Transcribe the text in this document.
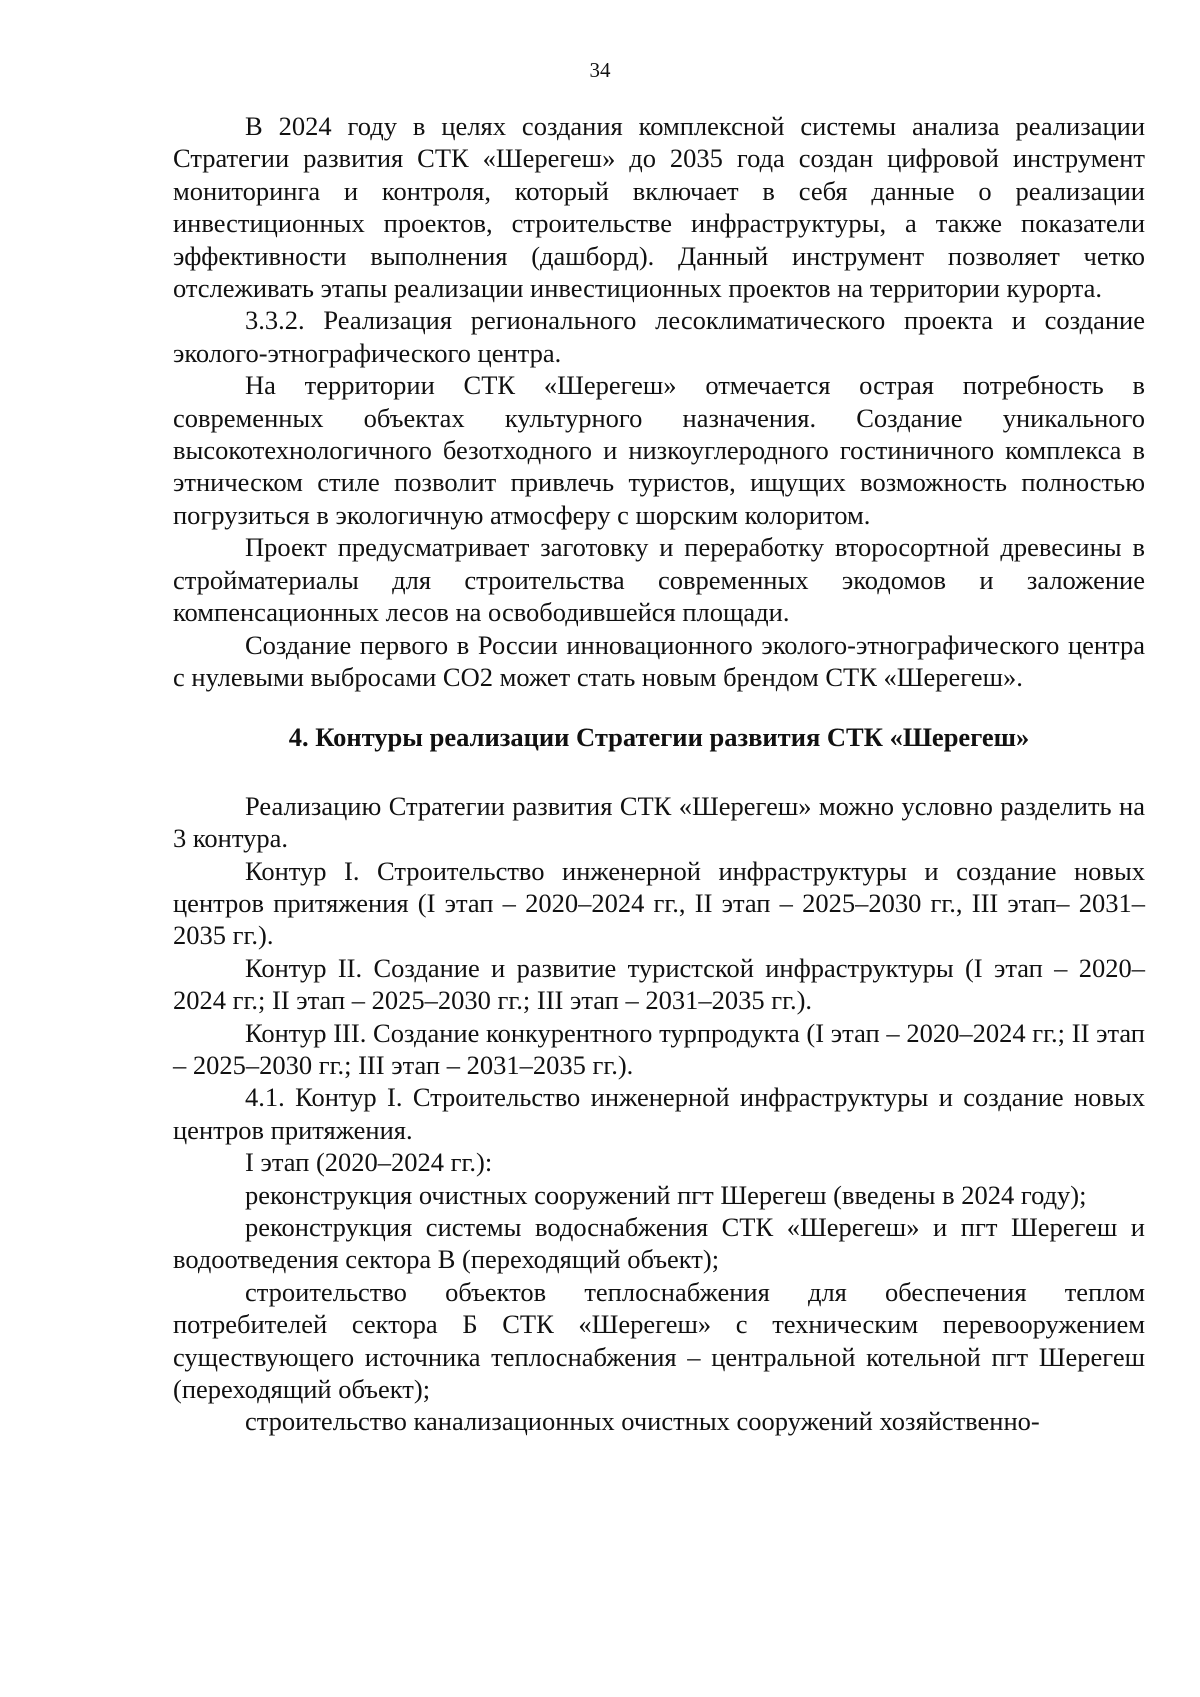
34

В 2024 году в целях создания комплексной системы анализа реализации Стратегии развития СТК «Шерегеш» до 2035 года создан цифровой инструмент мониторинга и контроля, который включает в себя данные о реализации инвестиционных проектов, строительстве инфраструктуры, а также показатели эффективности выполнения (дашборд). Данный инструмент позволяет четко отслеживать этапы реализации инвестиционных проектов на территории курорта.

3.3.2. Реализация регионального лесоклиматического проекта и создание эколого-этнографического центра.

На территории СТК «Шерегеш» отмечается острая потребность в современных объектах культурного назначения. Создание уникального высокотехнологичного безотходного и низкоуглеродного гостиничного комплекса в этническом стиле позволит привлечь туристов, ищущих возможность полностью погрузиться в экологичную атмосферу с шорским колоритом.

Проект предусматривает заготовку и переработку второсортной древесины в стройматериалы для строительства современных экодомов и заложение компенсационных лесов на освободившейся площади.

Создание первого в России инновационного эколого-этнографического центра с нулевыми выбросами СО2 может стать новым брендом СТК «Шерегеш».

4. Контуры реализации Стратегии развития СТК «Шерегеш»

Реализацию Стратегии развития СТК «Шерегеш» можно условно разделить на 3 контура.

Контур I. Строительство инженерной инфраструктуры и создание новых центров притяжения (I этап – 2020–2024 гг., II этап – 2025–2030 гг., III этап– 2031–2035 гг.).

Контур II. Создание и развитие туристской инфраструктуры (I этап – 2020–2024 гг.; II этап – 2025–2030 гг.; III этап – 2031–2035 гг.).

Контур III. Создание конкурентного турпродукта (I этап – 2020–2024 гг.; II этап – 2025–2030 гг.; III этап – 2031–2035 гг.).

4.1. Контур I. Строительство инженерной инфраструктуры и создание новых центров притяжения.

I этап (2020–2024 гг.):

реконструкция очистных сооружений пгт Шерегеш (введены в 2024 году);

реконструкция системы водоснабжения СТК «Шерегеш» и пгт Шерегеш и водоотведения сектора В (переходящий объект);

строительство объектов теплоснабжения для обеспечения теплом потребителей сектора Б СТК «Шерегеш» с техническим перевооружением существующего источника теплоснабжения – центральной котельной пгт Шерегеш (переходящий объект);

строительство канализационных очистных сооружений хозяйственно-
